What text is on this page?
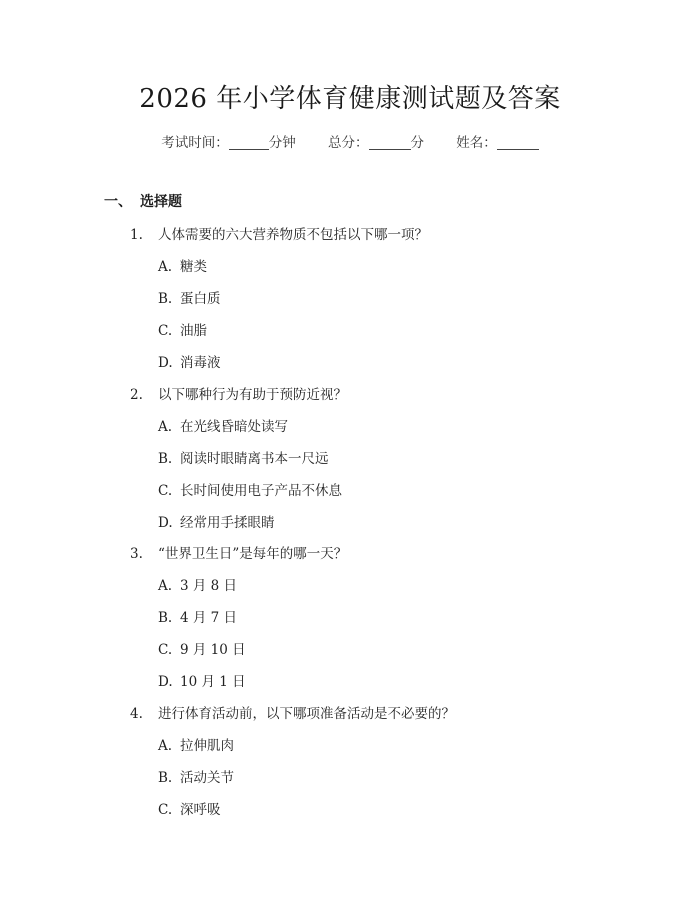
2026 年小学体育健康测试题及答案
考试时间：	分钟 总分：	分 姓名：
一、 选择题
1. 人体需要的六大营养物质不包括以下哪一项？
A. 糖类
B. 蛋白质
C. 油脂
D. 消毒液
2. 以下哪种行为有助于预防近视？
A. 在光线昏暗处读写
B. 阅读时眼睛离书本一尺远
C. 长时间使用电子产品不休息
D. 经常用手揉眼睛
3. “世界卫生日”是每年的哪一天？
A. 3 月 8 日
B. 4 月 7 日
C. 9 月 10 日
D. 10 月 1 日
4. 进行体育活动前，以下哪项准备活动是不必要的？
A. 拉伸肌肉
B. 活动关节
C. 深呼吸
